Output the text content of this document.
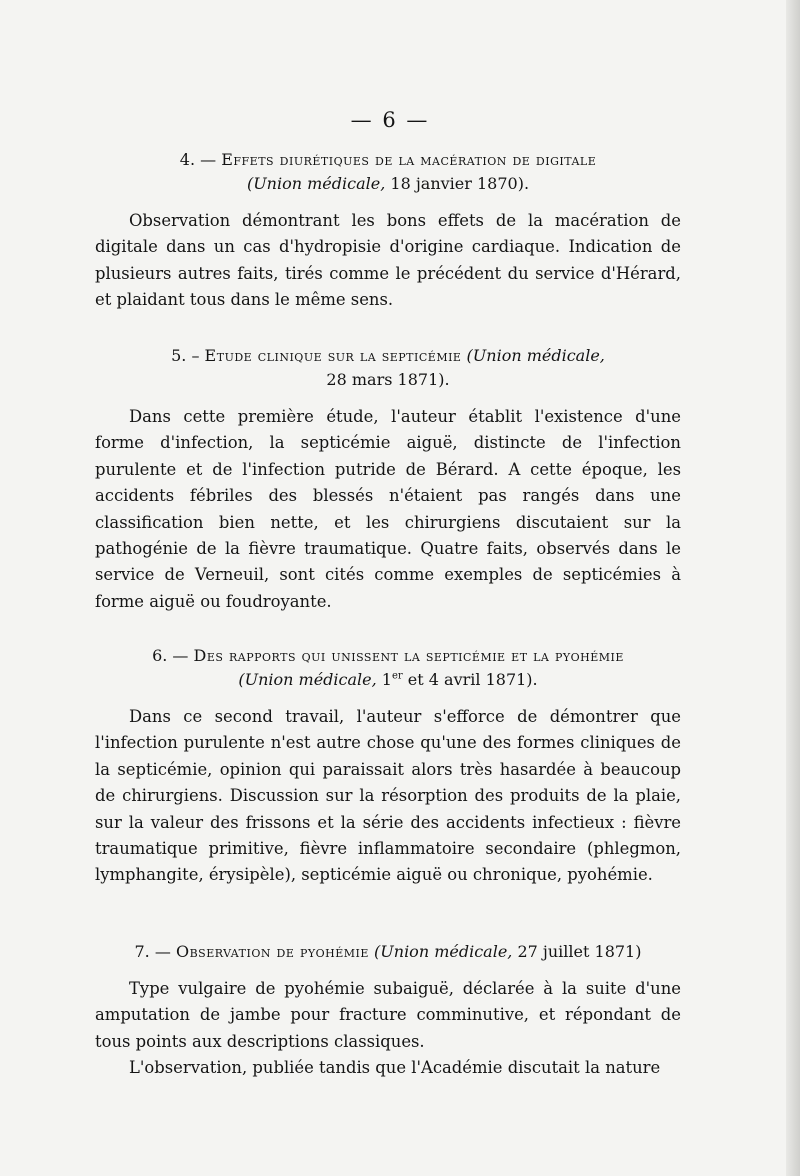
— 6 —

4. — Effets diurétiques de la macération de digitale
(Union médicale, 18 janvier 1870).

Observation démontrant les bons effets de la macération de digitale dans un cas d'hydropisie d'origine cardiaque. Indication de plusieurs autres faits, tirés comme le précédent du service d'Hérard, et plaidant tous dans le même sens.

5. – Etude clinique sur la septicémie (Union médicale,
28 mars 1871).

Dans cette première étude, l'auteur établit l'existence d'une forme d'infection, la septicémie aiguë, distincte de l'infection purulente et de l'infection putride de Bérard. A cette époque, les accidents fébriles des blessés n'étaient pas rangés dans une classification bien nette, et les chirurgiens discutaient sur la pathogénie de la fièvre traumatique. Quatre faits, observés dans le service de Verneuil, sont cités comme exemples de septicémies à forme aiguë ou foudroyante.

6. — Des rapports qui unissent la septicémie et la pyohémie
(Union médicale, 1er et 4 avril 1871).

Dans ce second travail, l'auteur s'efforce de démontrer que l'infection purulente n'est autre chose qu'une des formes cliniques de la septicémie, opinion qui paraissait alors très hasardée à beaucoup de chirurgiens. Discussion sur la résorption des produits de la plaie, sur la valeur des frissons et la série des accidents infectieux : fièvre traumatique primitive, fièvre inflammatoire secondaire (phlegmon, lymphangite, érysipèle), septicémie aiguë ou chronique, pyohémie.

7. — Observation de pyohémie (Union médicale, 27 juillet 1871)

Type vulgaire de pyohémie subaiguë, déclarée à la suite d'une amputation de jambe pour fracture comminutive, et répondant de tous points aux descriptions classiques.

L'observation, publiée tandis que l'Académie discutait la nature
